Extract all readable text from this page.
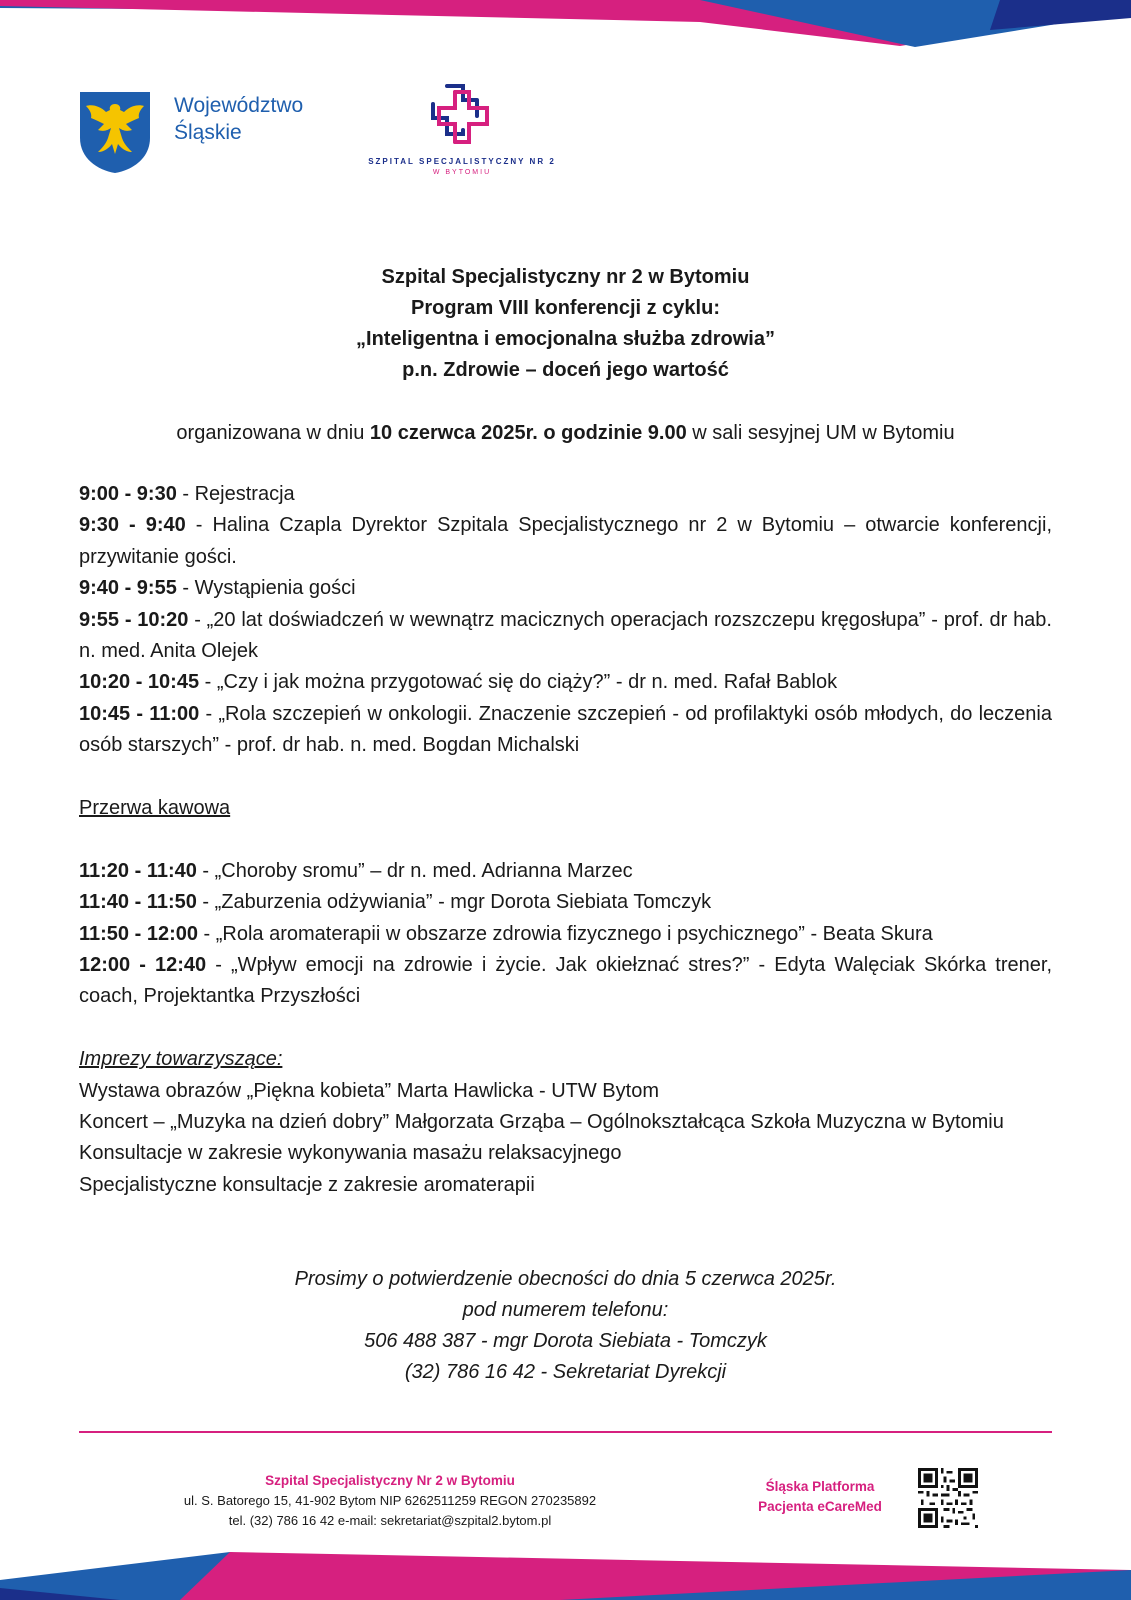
Województwo
Śląskie
SZPITAL SPECJALISTYCZNY NR 2
W BYTOMIU
Szpital Specjalistyczny nr 2 w Bytomiu
Program VIII konferencji z cyklu:
„Inteligentna i emocjonalna służba zdrowia”
p.n. Zdrowie – doceń jego wartość
organizowana w dniu 10 czerwca 2025r. o godzinie 9.00 w sali sesyjnej UM w Bytomiu

9:00 - 9:30 - Rejestracja

9:30 - 9:40 - Halina Czapla Dyrektor Szpitala Specjalistycznego nr 2 w Bytomiu – otwarcie konferencji, przywitanie gości.

9:40 - 9:55 - Wystąpienia gości

9:55 - 10:20 - „20 lat doświadczeń w wewnątrz macicznych operacjach rozszczepu kręgosłupa” - prof. dr hab. n. med. Anita Olejek

10:20 - 10:45 - „Czy i jak można przygotować się do ciąży?” - dr n. med. Rafał Bablok

10:45 - 11:00 - „Rola szczepień w onkologii. Znaczenie szczepień - od profilaktyki osób młodych, do leczenia osób starszych” - prof. dr hab. n. med. Bogdan Michalski

Przerwa kawowa

11:20 - 11:40 - „Choroby sromu” – dr n. med. Adrianna Marzec

11:40 - 11:50 - „Zaburzenia odżywiania” - mgr Dorota Siebiata Tomczyk

11:50 - 12:00 - „Rola aromaterapii w obszarze zdrowia fizycznego i psychicznego” - Beata Skura

12:00 - 12:40 - „Wpływ emocji na zdrowie i życie. Jak okiełznać stres?” - Edyta Walęciak Skórka trener, coach, Projektantka Przyszłości

Imprezy towarzyszące:

Wystawa obrazów „Piękna kobieta” Marta Hawlicka - UTW Bytom

Koncert – „Muzyka na dzień dobry” Małgorzata Grząba – Ogólnokształcąca Szkoła Muzyczna w Bytomiu

Konsultacje w zakresie wykonywania masażu relaksacyjnego

Specjalistyczne konsultacje z zakresie aromaterapii

Prosimy o potwierdzenie obecności do dnia 5 czerwca 2025r.
pod numerem telefonu:
506 488 387 - mgr Dorota Siebiata - Tomczyk
(32) 786 16 42 - Sekretariat Dyrekcji
Szpital Specjalistyczny Nr 2 w Bytomiu
ul. S. Batorego 15, 41-902 Bytom NIP 6262511259 REGON 270235892
tel. (32) 786 16 42 e-mail: sekretariat@szpital2.bytom.pl
Śląska Platforma
Pacjenta eCareMed
